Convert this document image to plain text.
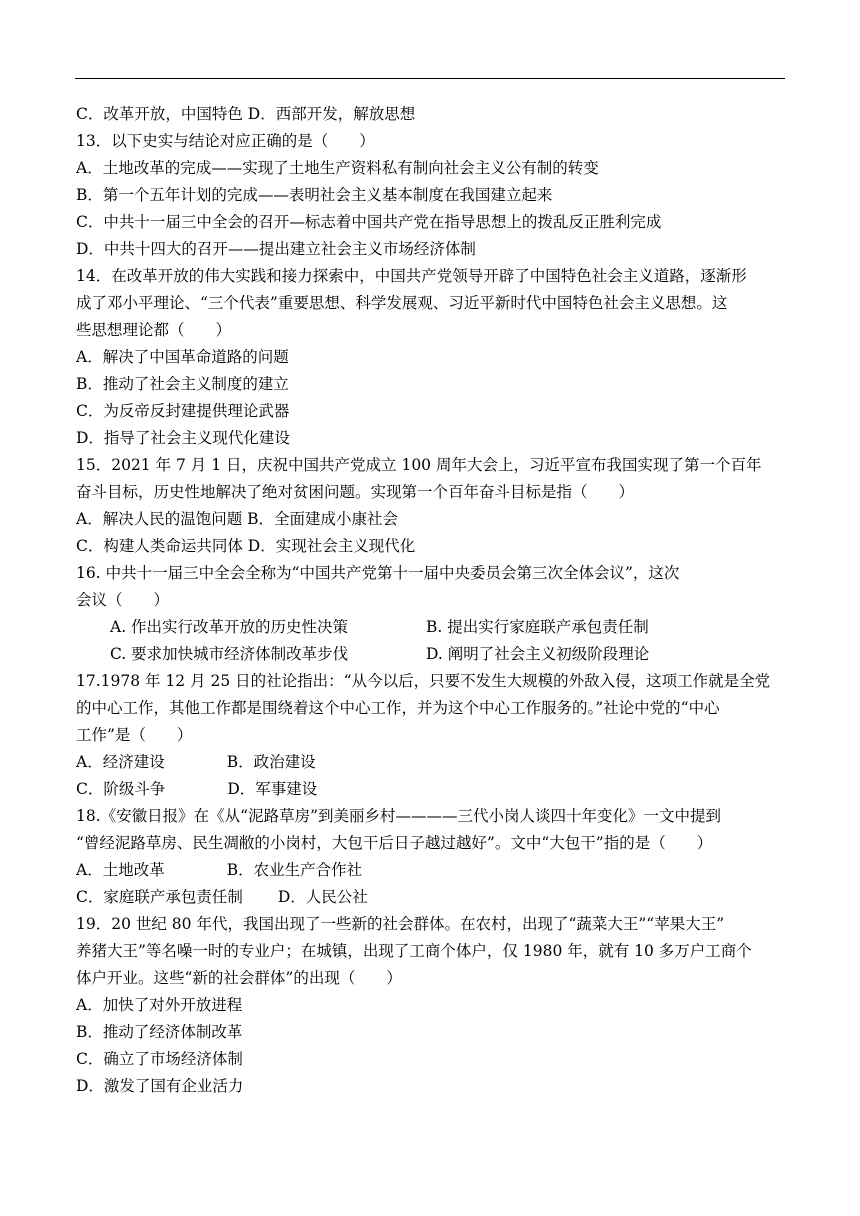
C．改革开放，中国特色 D．西部开发，解放思想
13．以下史实与结论对应正确的是（　　）
A．土地改革的完成——实现了土地生产资料私有制向社会主义公有制的转变
B．第一个五年计划的完成——表明社会主义基本制度在我国建立起来
C．中共十一届三中全会的召开—标志着中国共产党在指导思想上的拨乱反正胜利完成
D．中共十四大的召开——提出建立社会主义市场经济体制
14．在改革开放的伟大实践和接力探索中，中国共产党领导开辟了中国特色社会主义道路，逐渐形
成了邓小平理论、“三个代表”重要思想、科学发展观、习近平新时代中国特色社会主义思想。这
些思想理论都（　　）
A．解决了中国革命道路的问题
B．推动了社会主义制度的建立
C．为反帝反封建提供理论武器
D．指导了社会主义现代化建设
15．2021 年 7 月 1 日，庆祝中国共产党成立 100 周年大会上，习近平宣布我国实现了第一个百年
奋斗目标，历史性地解决了绝对贫困问题。实现第一个百年奋斗目标是指（　　）
A．解决人民的温饱问题 B．全面建成小康社会
C．构建人类命运共同体 D．实现社会主义现代化
16. 中共十一届三中全会全称为“中国共产党第十一届中央委员会第三次全体会议”，这次
会议（　　）
A. 作出实行改革开放的历史性决策	B. 提出实行家庭联产承包责任制
C. 要求加快城市经济体制改革步伐	D. 阐明了社会主义初级阶段理论
17.1978 年 12 月 25 日的社论指出：“从今以后，只要不发生大规模的外敌入侵，这项工作就是全党
的中心工作，其他工作都是围绕着这个中心工作，并为这个中心工作服务的。”社论中党的“中心
工作”是（　　）
A．经济建设	B．政治建设
C．阶级斗争	D．军事建设
18.《安徽日报》在《从“泥路草房”到美丽乡村————三代小岗人谈四十年变化》一文中提到
“曾经泥路草房、民生凋敝的小岗村，大包干后日子越过越好”。文中“大包干”指的是（　　）
A．土地改革	B．农业生产合作社
C．家庭联产承包责任制 D．人民公社
19．20 世纪 80 年代，我国出现了一些新的社会群体。在农村，出现了“蔬菜大王”“苹果大王”
养猪大王”等名噪一时的专业户；在城镇，出现了工商个体户，仅 1980 年，就有 10 多万户工商个
体户开业。这些“新的社会群体”的出现（　　）
A．加快了对外开放进程
B．推动了经济体制改革
C．确立了市场经济体制
D．激发了国有企业活力
